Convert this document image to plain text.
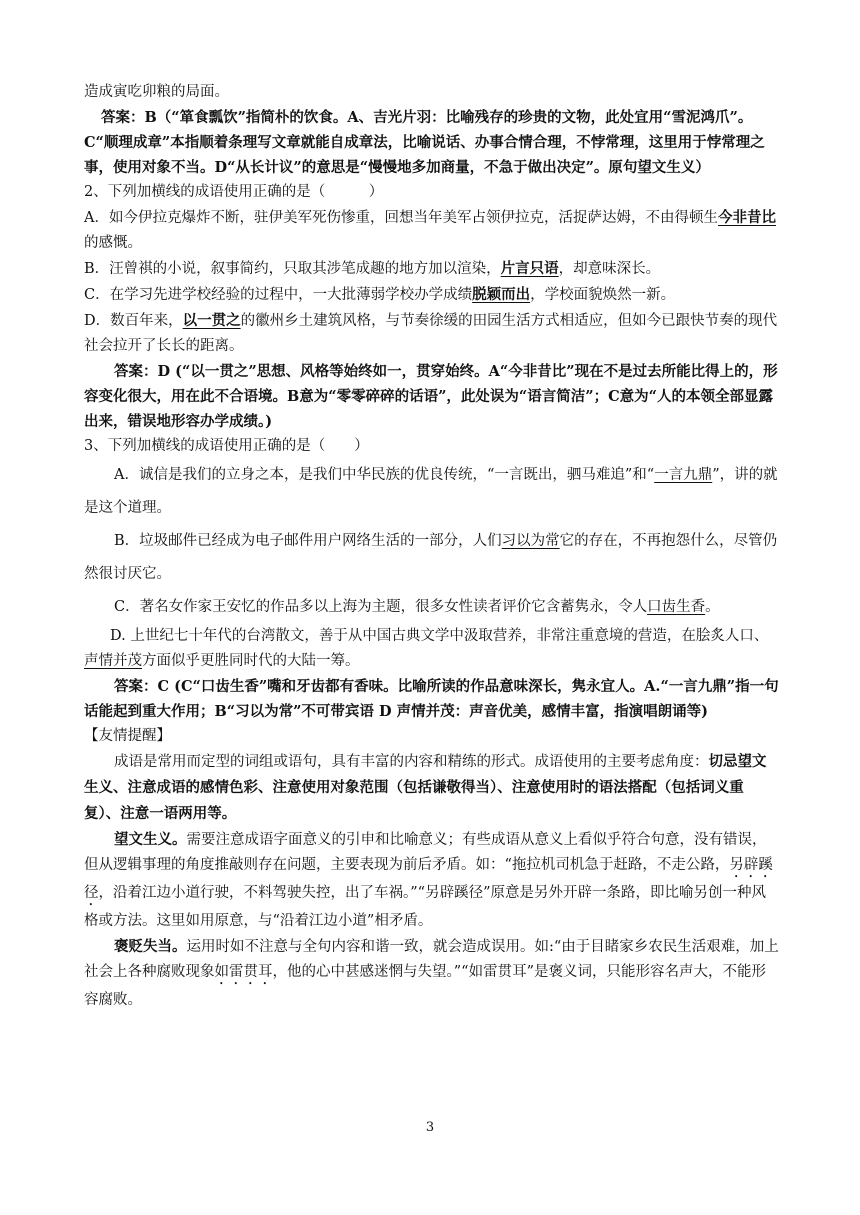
造成寅吃卯粮的局面。

答案：B（“箪食瓢饮”指简朴的饮食。A、吉光片羽：比喻残存的珍贵的文物，此处宜用“雪泥鸿爪”。C“顺理成章”本指顺着条理写文章就能自成章法，比喻说话、办事合情合理，不悖常理，这里用于悖常理之事，使用对象不当。D“从长计议”的意思是“慢慢地多加商量，不急于做出决定”。原句望文生义）

2、下列加横线的成语使用正确的是（　　　）

A．如今伊拉克爆炸不断，驻伊美军死伤惨重，回想当年美军占领伊拉克，活捉萨达姆，不由得顿生今非昔比的感慨。

B．汪曾祺的小说，叙事简约，只取其涉笔成趣的地方加以渲染，片言只语，却意味深长。

C．在学习先进学校经验的过程中，一大批薄弱学校办学成绩脱颖而出，学校面貌焕然一新。

D．数百年来，以一贯之的徽州乡土建筑风格，与节奏徐缓的田园生活方式相适应，但如今已跟快节奏的现代社会拉开了长长的距离。

答案：D (“以一贯之”思想、风格等始终如一，贯穿始终。A“今非昔比”现在不是过去所能比得上的，形容变化很大，用在此不合语境。B意为“零零碎碎的话语”，此处误为“语言简洁”；C意为“人的本领全部显露出来，错误地形容办学成绩。)

3、下列加横线的成语使用正确的是（　　）

A．诚信是我们的立身之本，是我们中华民族的优良传统，“一言既出，驷马难追”和“一言九鼎”，讲的就是这个道理。

B．垃圾邮件已经成为电子邮件用户网络生活的一部分，人们习以为常它的存在，不再抱怨什么，尽管仍然很讨厌它。

C．著名女作家王安忆的作品多以上海为主题，很多女性读者评价它含蓄隽永，令人口齿生香。

D. 上世纪七十年代的台湾散文，善于从中国古典文学中汲取营养，非常注重意境的营造，在脍炙人口、声情并茂方面似乎更胜同时代的大陆一筹。

答案：C (C“口齿生香”嘴和牙齿都有香味。比喻所读的作品意味深长，隽永宜人。A.“一言九鼎”指一句话能起到重大作用；B“习以为常”不可带宾语 D 声情并茂：声音优美，感情丰富，指演唱朗诵等)

【友情提醒】

成语是常用而定型的词组或语句，具有丰富的内容和精练的形式。成语使用的主要考虑角度：切忌望文生义、注意成语的感情色彩、注意使用对象范围（包括谦敬得当）、注意使用时的语法搭配（包括词义重复）、注意一语两用等。

望文生义。需要注意成语字面意义的引申和比喻意义；有些成语从意义上看似乎符合句意，没有错误，但从逻辑事理的角度推敲则存在问题，主要表现为前后矛盾。如：“拖拉机司机急于赶路，不走公路，另辟蹊径，沿着江边小道行驶，不料驾驶失控，出了车祸。”“另辟蹊径”原意是另外开辟一条路，即比喻另创一种风格或方法。这里如用原意，与“沿着江边小道”相矛盾。

褒贬失当。运用时如不注意与全句内容和谐一致，就会造成误用。如:“由于目睹家乡农民生活艰难，加上社会上各种腐败现象如雷贯耳，他的心中甚感迷惘与失望。”“如雷贯耳”是褒义词，只能形容名声大，不能形容腐败。

3
